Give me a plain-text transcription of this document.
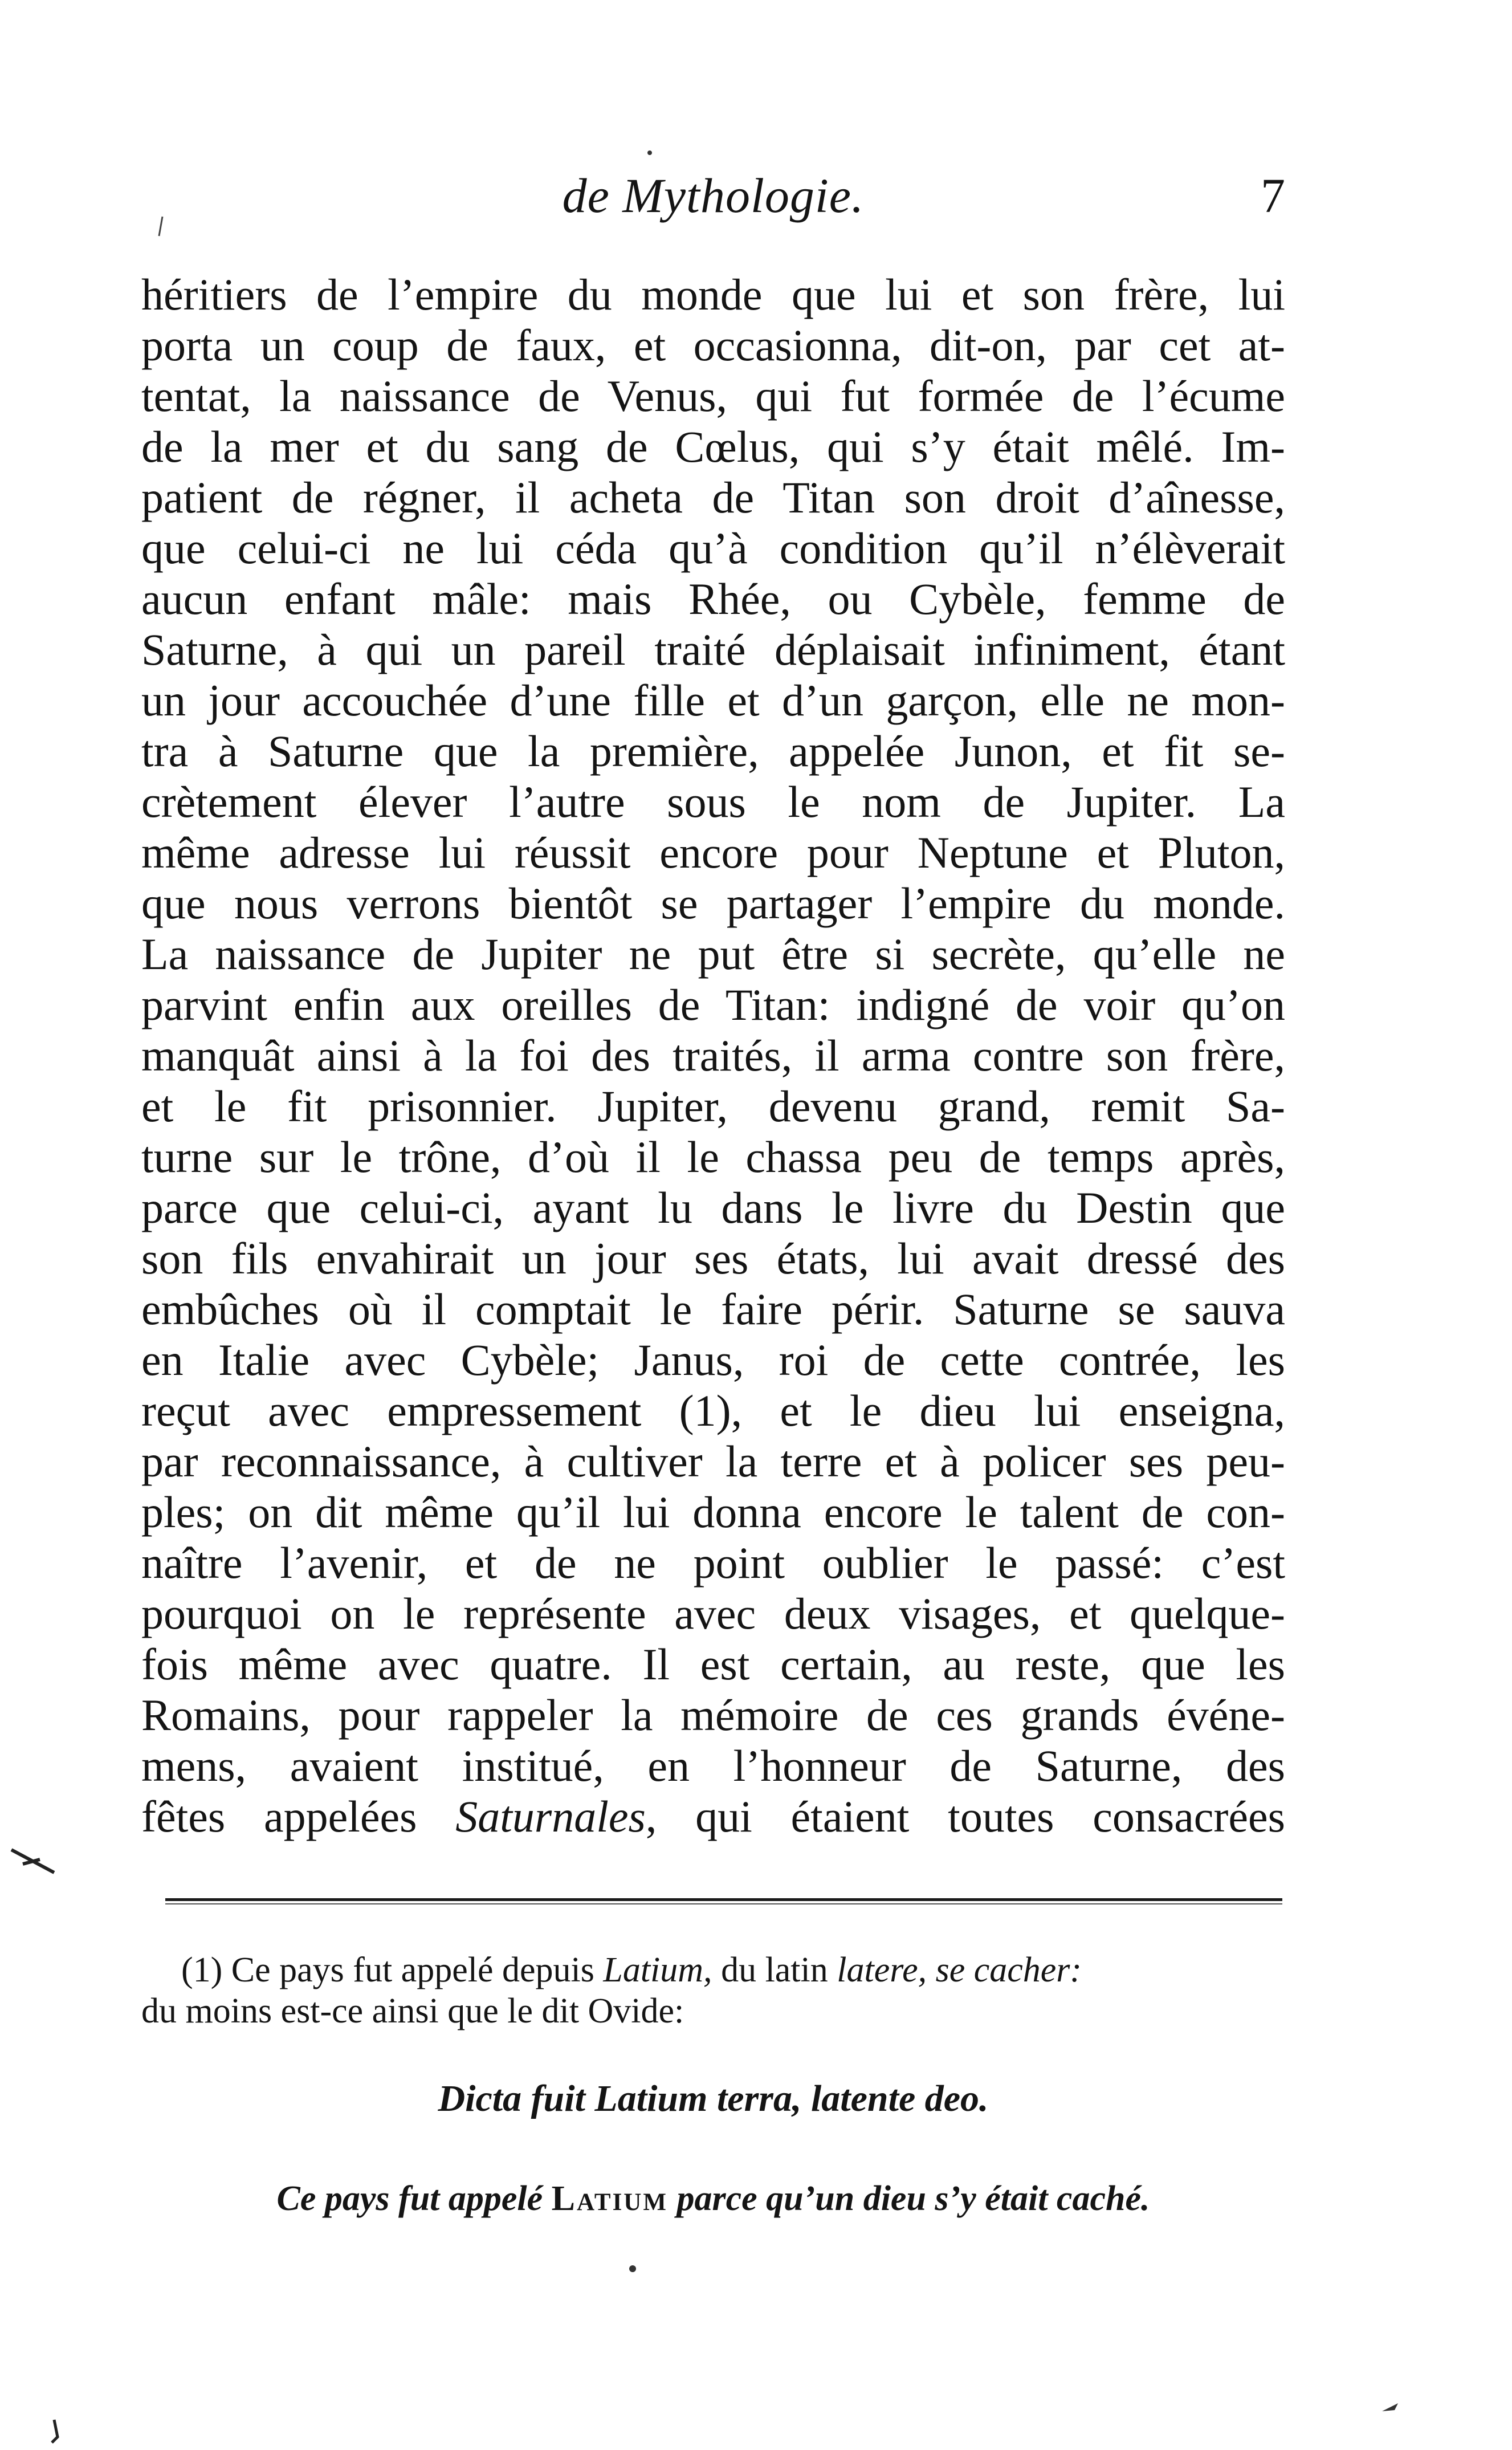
de Mythologie.	7
héritiers de l’empire du monde que lui et son frère, lui
porta un coup de faux, et occasionna, dit-on, par cet at-
tentat, la naissance de Venus, qui fut formée de l’écume
de la mer et du sang de Cœlus, qui s’y était mêlé. Im-
patient de régner, il acheta de Titan son droit d’aînesse,
que celui-ci ne lui céda qu’à condition qu’il n’élèverait
aucun enfant mâle: mais Rhée, ou Cybèle, femme de
Saturne, à qui un pareil traité déplaisait infiniment, étant
un jour accouchée d’une fille et d’un garçon, elle ne mon-
tra à Saturne que la première, appelée Junon, et fit se-
crètement élever l’autre sous le nom de Jupiter. La
même adresse lui réussit encore pour Neptune et Pluton,
que nous verrons bientôt se partager l’empire du monde.
La naissance de Jupiter ne put être si secrète, qu’elle ne
parvint enfin aux oreilles de Titan: indigné de voir qu’on
manquât ainsi à la foi des traités, il arma contre son frère,
et le fit prisonnier. Jupiter, devenu grand, remit Sa-
turne sur le trône, d’où il le chassa peu de temps après,
parce que celui-ci, ayant lu dans le livre du Destin que
son fils envahirait un jour ses états, lui avait dressé des
embûches où il comptait le faire périr. Saturne se sauva
en Italie avec Cybèle; Janus, roi de cette contrée, les
reçut avec empressement (1), et le dieu lui enseigna,
par reconnaissance, à cultiver la terre et à policer ses peu-
ples; on dit même qu’il lui donna encore le talent de con-
naître l’avenir, et de ne point oublier le passé: c’est
pourquoi on le représente avec deux visages, et quelque-
fois même avec quatre. Il est certain, au reste, que les
Romains, pour rappeler la mémoire de ces grands événe-
mens, avaient institué, en l’honneur de Saturne, des
fêtes appelées Saturnales, qui étaient toutes consacrées
(1) Ce pays fut appelé depuis Latium, du latin latere, se cacher:
du moins est-ce ainsi que le dit Ovide:
Dicta fuit Latium terra, latente deo.
Ce pays fut appelé Latium parce qu’un dieu s’y était caché.
